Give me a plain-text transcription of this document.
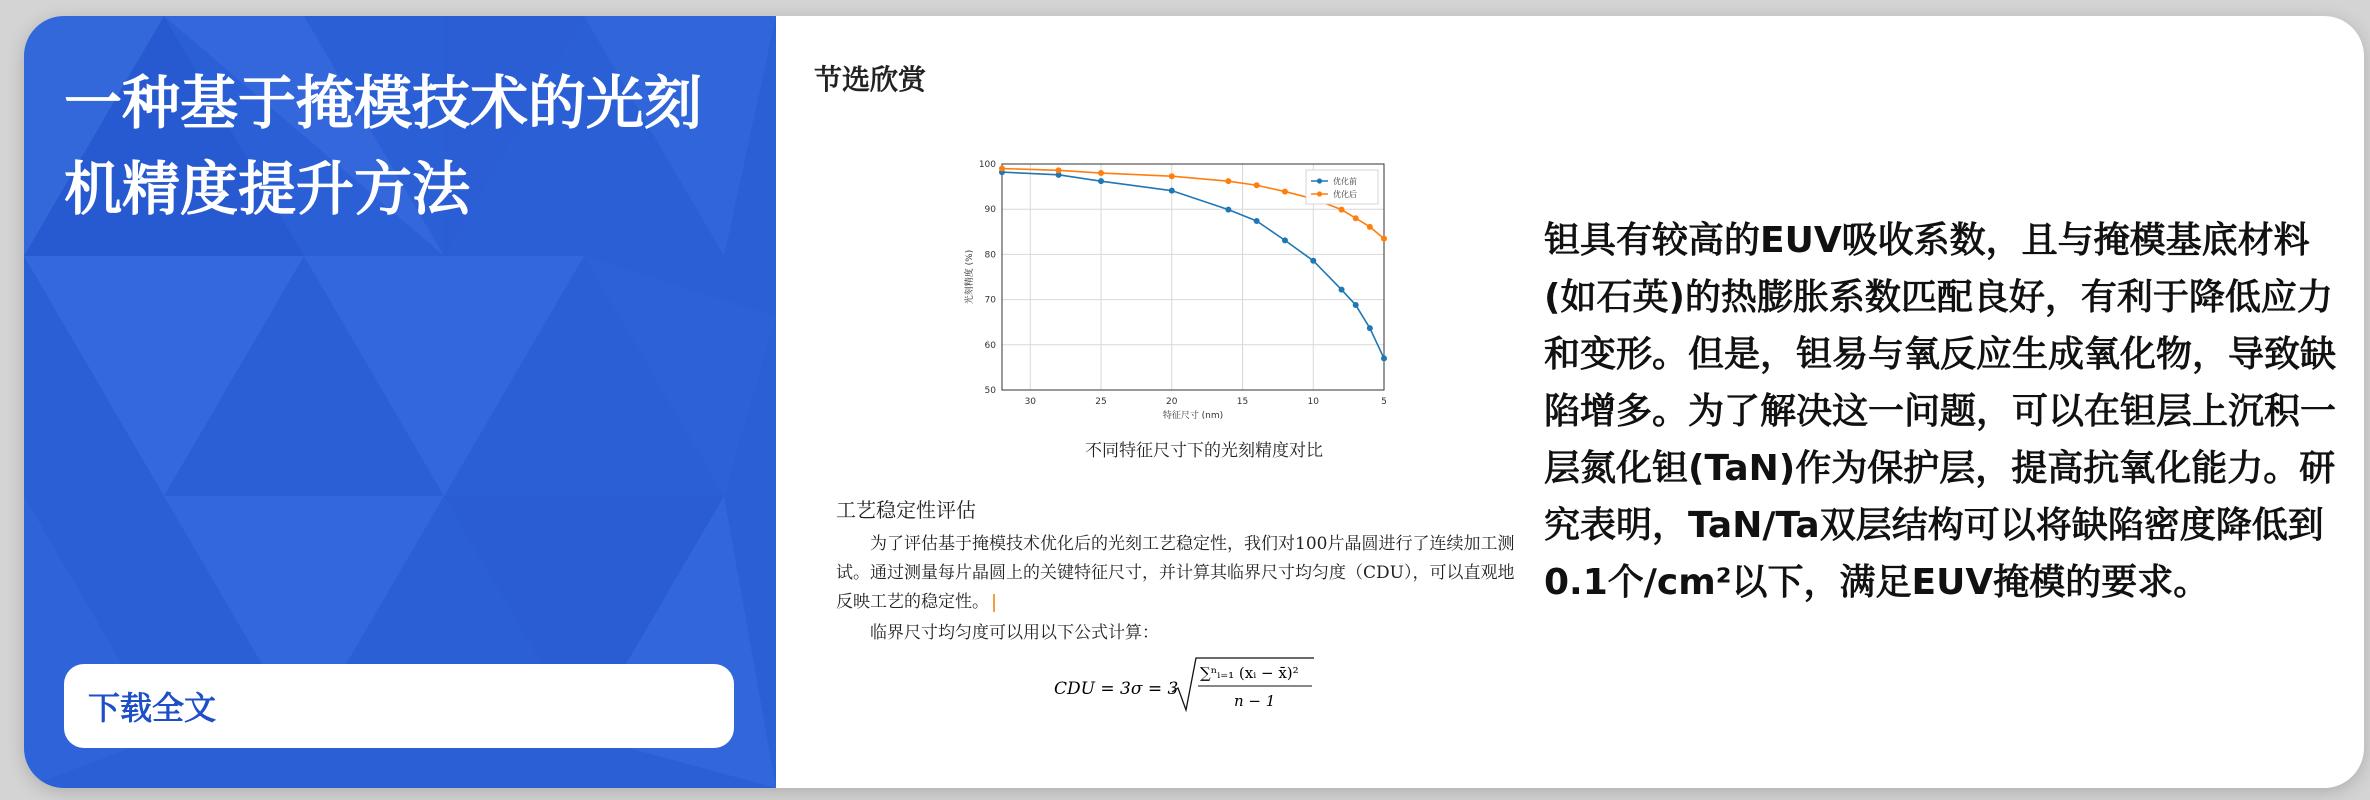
一种基于掩模技术的光刻机精度提升方法
下载全文
节选欣赏
30	25	20	15	10	5
50
60
70
80
90
100
特征尺寸 (nm)
光刻精度 (%)
优化前
优化后
不同特征尺寸下的光刻精度对比
工艺稳定性评估
为了评估基于掩模技术优化后的光刻工艺稳定性，我们对100片晶圆进行了连续加工测试。通过测量每片晶圆上的关键特征尺寸，并计算其临界尺寸均匀度（CDU），可以直观地反映工艺的稳定性。
临界尺寸均匀度可以用以下公式计算：
CDU = 3σ = 3
∑ⁿᵢ₌₁ (xᵢ − x̄)²
n − 1
钽具有较高的EUV吸收系数，且与掩模基底材料(如石英)的热膨胀系数匹配良好，有利于降低应力和变形。但是，钽易与氧反应生成氧化物，导致缺陷增多。为了解决这一问题，可以在钽层上沉积一层氮化钽(TaN)作为保护层，提高抗氧化能力。研究表明，TaN/Ta双层结构可以将缺陷密度降低到0.1个/cm²以下，满足EUV掩模的要求。
